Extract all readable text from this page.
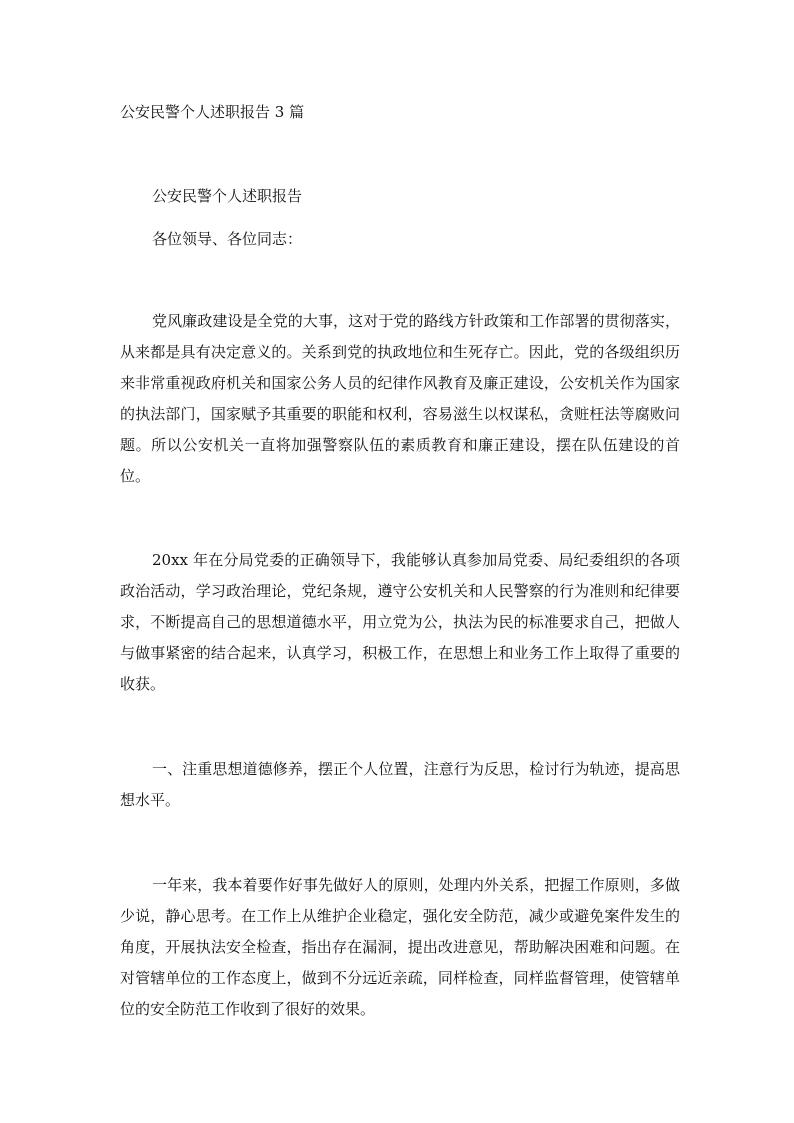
公安民警个人述职报告 3 篇
公安民警个人述职报告
各位领导、各位同志：

党风廉政建设是全党的大事，这对于党的路线方针政策和工作部署的贯彻落实，从来都是具有决定意义的。关系到党的执政地位和生死存亡。因此，党的各级组织历来非常重视政府机关和国家公务人员的纪律作风教育及廉正建设，公安机关作为国家的执法部门，国家赋予其重要的职能和权利，容易滋生以权谋私，贪赃枉法等腐败问题。所以公安机关一直将加强警察队伍的素质教育和廉正建设，摆在队伍建设的首位。

20xx 年在分局党委的正确领导下，我能够认真参加局党委、局纪委组织的各项政治活动，学习政治理论，党纪条规，遵守公安机关和人民警察的行为准则和纪律要求，不断提高自己的思想道德水平，用立党为公，执法为民的标准要求自己，把做人与做事紧密的结合起来，认真学习，积极工作，在思想上和业务工作上取得了重要的收获。

一、注重思想道德修养，摆正个人位置，注意行为反思，检讨行为轨迹，提高思想水平。

一年来，我本着要作好事先做好人的原则，处理内外关系，把握工作原则，多做少说，静心思考。在工作上从维护企业稳定，强化安全防范，减少或避免案件发生的角度，开展执法安全检查，指出存在漏洞，提出改进意见，帮助解决困难和问题。在对管辖单位的工作态度上，做到不分远近亲疏，同样检查，同样监督管理，使管辖单位的安全防范工作收到了很好的效果。
